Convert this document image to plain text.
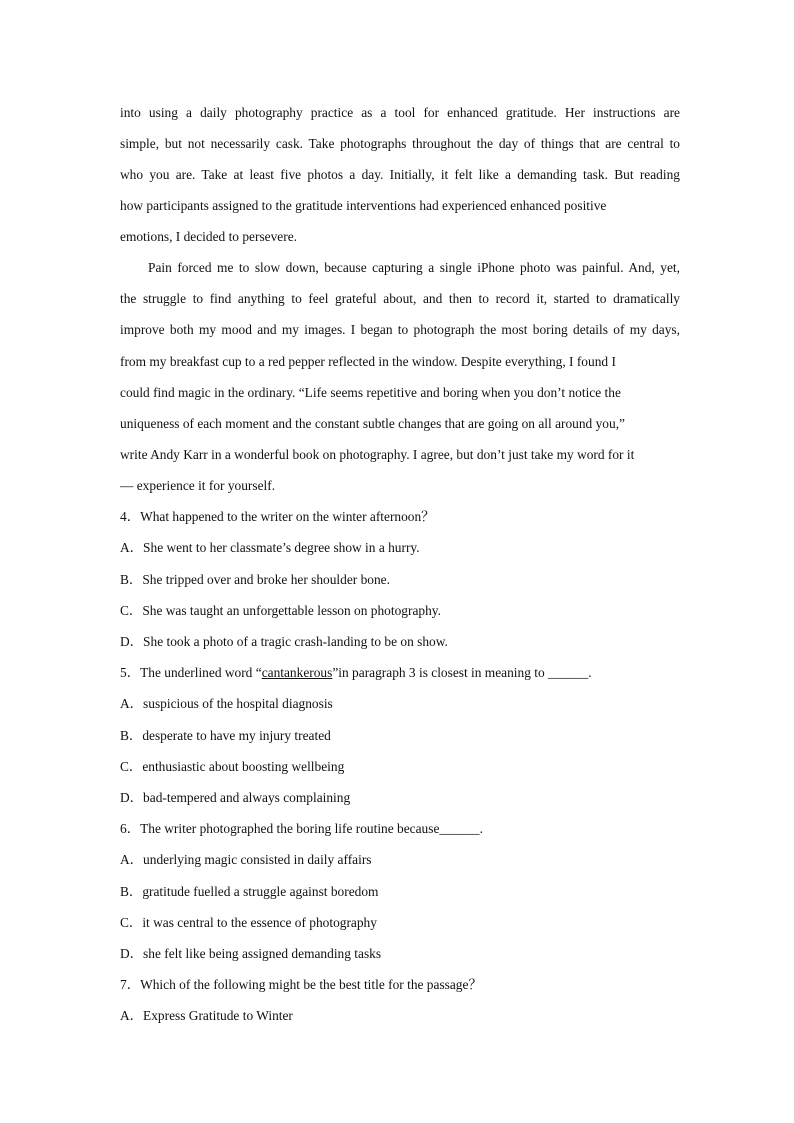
into using a daily photography practice as a tool for enhanced gratitude. Her instructions are
simple, but not necessarily cask. Take photographs throughout the day of things that are central to
who you are. Take at least five photos a day. Initially, it felt like a demanding task. But reading
how participants assigned to the gratitude interventions had experienced enhanced positive
emotions, I decided to persevere.
Pain forced me to slow down, because capturing a single iPhone photo was painful. And, yet,
the struggle to find anything to feel grateful about, and then to record it, started to dramatically
improve both my mood and my images. I began to photograph the most boring details of my days,
from my breakfast cup to a red pepper reflected in the window. Despite everything, I found I
could find magic in the ordinary. “Life seems repetitive and boring when you don’t notice the
uniqueness of each moment and the constant subtle changes that are going on all around you,”
write Andy Karr in a wonderful book on photography. I agree, but don’t just take my word for it
— experience it for yourself.
4．What happened to the writer on the winter afternoon？
A．She went to her classmate’s degree show in a hurry.
B．She tripped over and broke her shoulder bone.
C．She was taught an unforgettable lesson on photography.
D．She took a photo of a tragic crash-landing to be on show.
5．The underlined word “cantankerous”in paragraph 3 is closest in meaning to ______.
A．suspicious of the hospital diagnosis
B．desperate to have my injury treated
C．enthusiastic about boosting wellbeing
D．bad-tempered and always complaining
6．The writer photographed the boring life routine because______.
A．underlying magic consisted in daily affairs
B．gratitude fuelled a struggle against boredom
C．it was central to the essence of photography
D．she felt like being assigned demanding tasks
7．Which of the following might be the best title for the passage？
A．Express Gratitude to Winter
